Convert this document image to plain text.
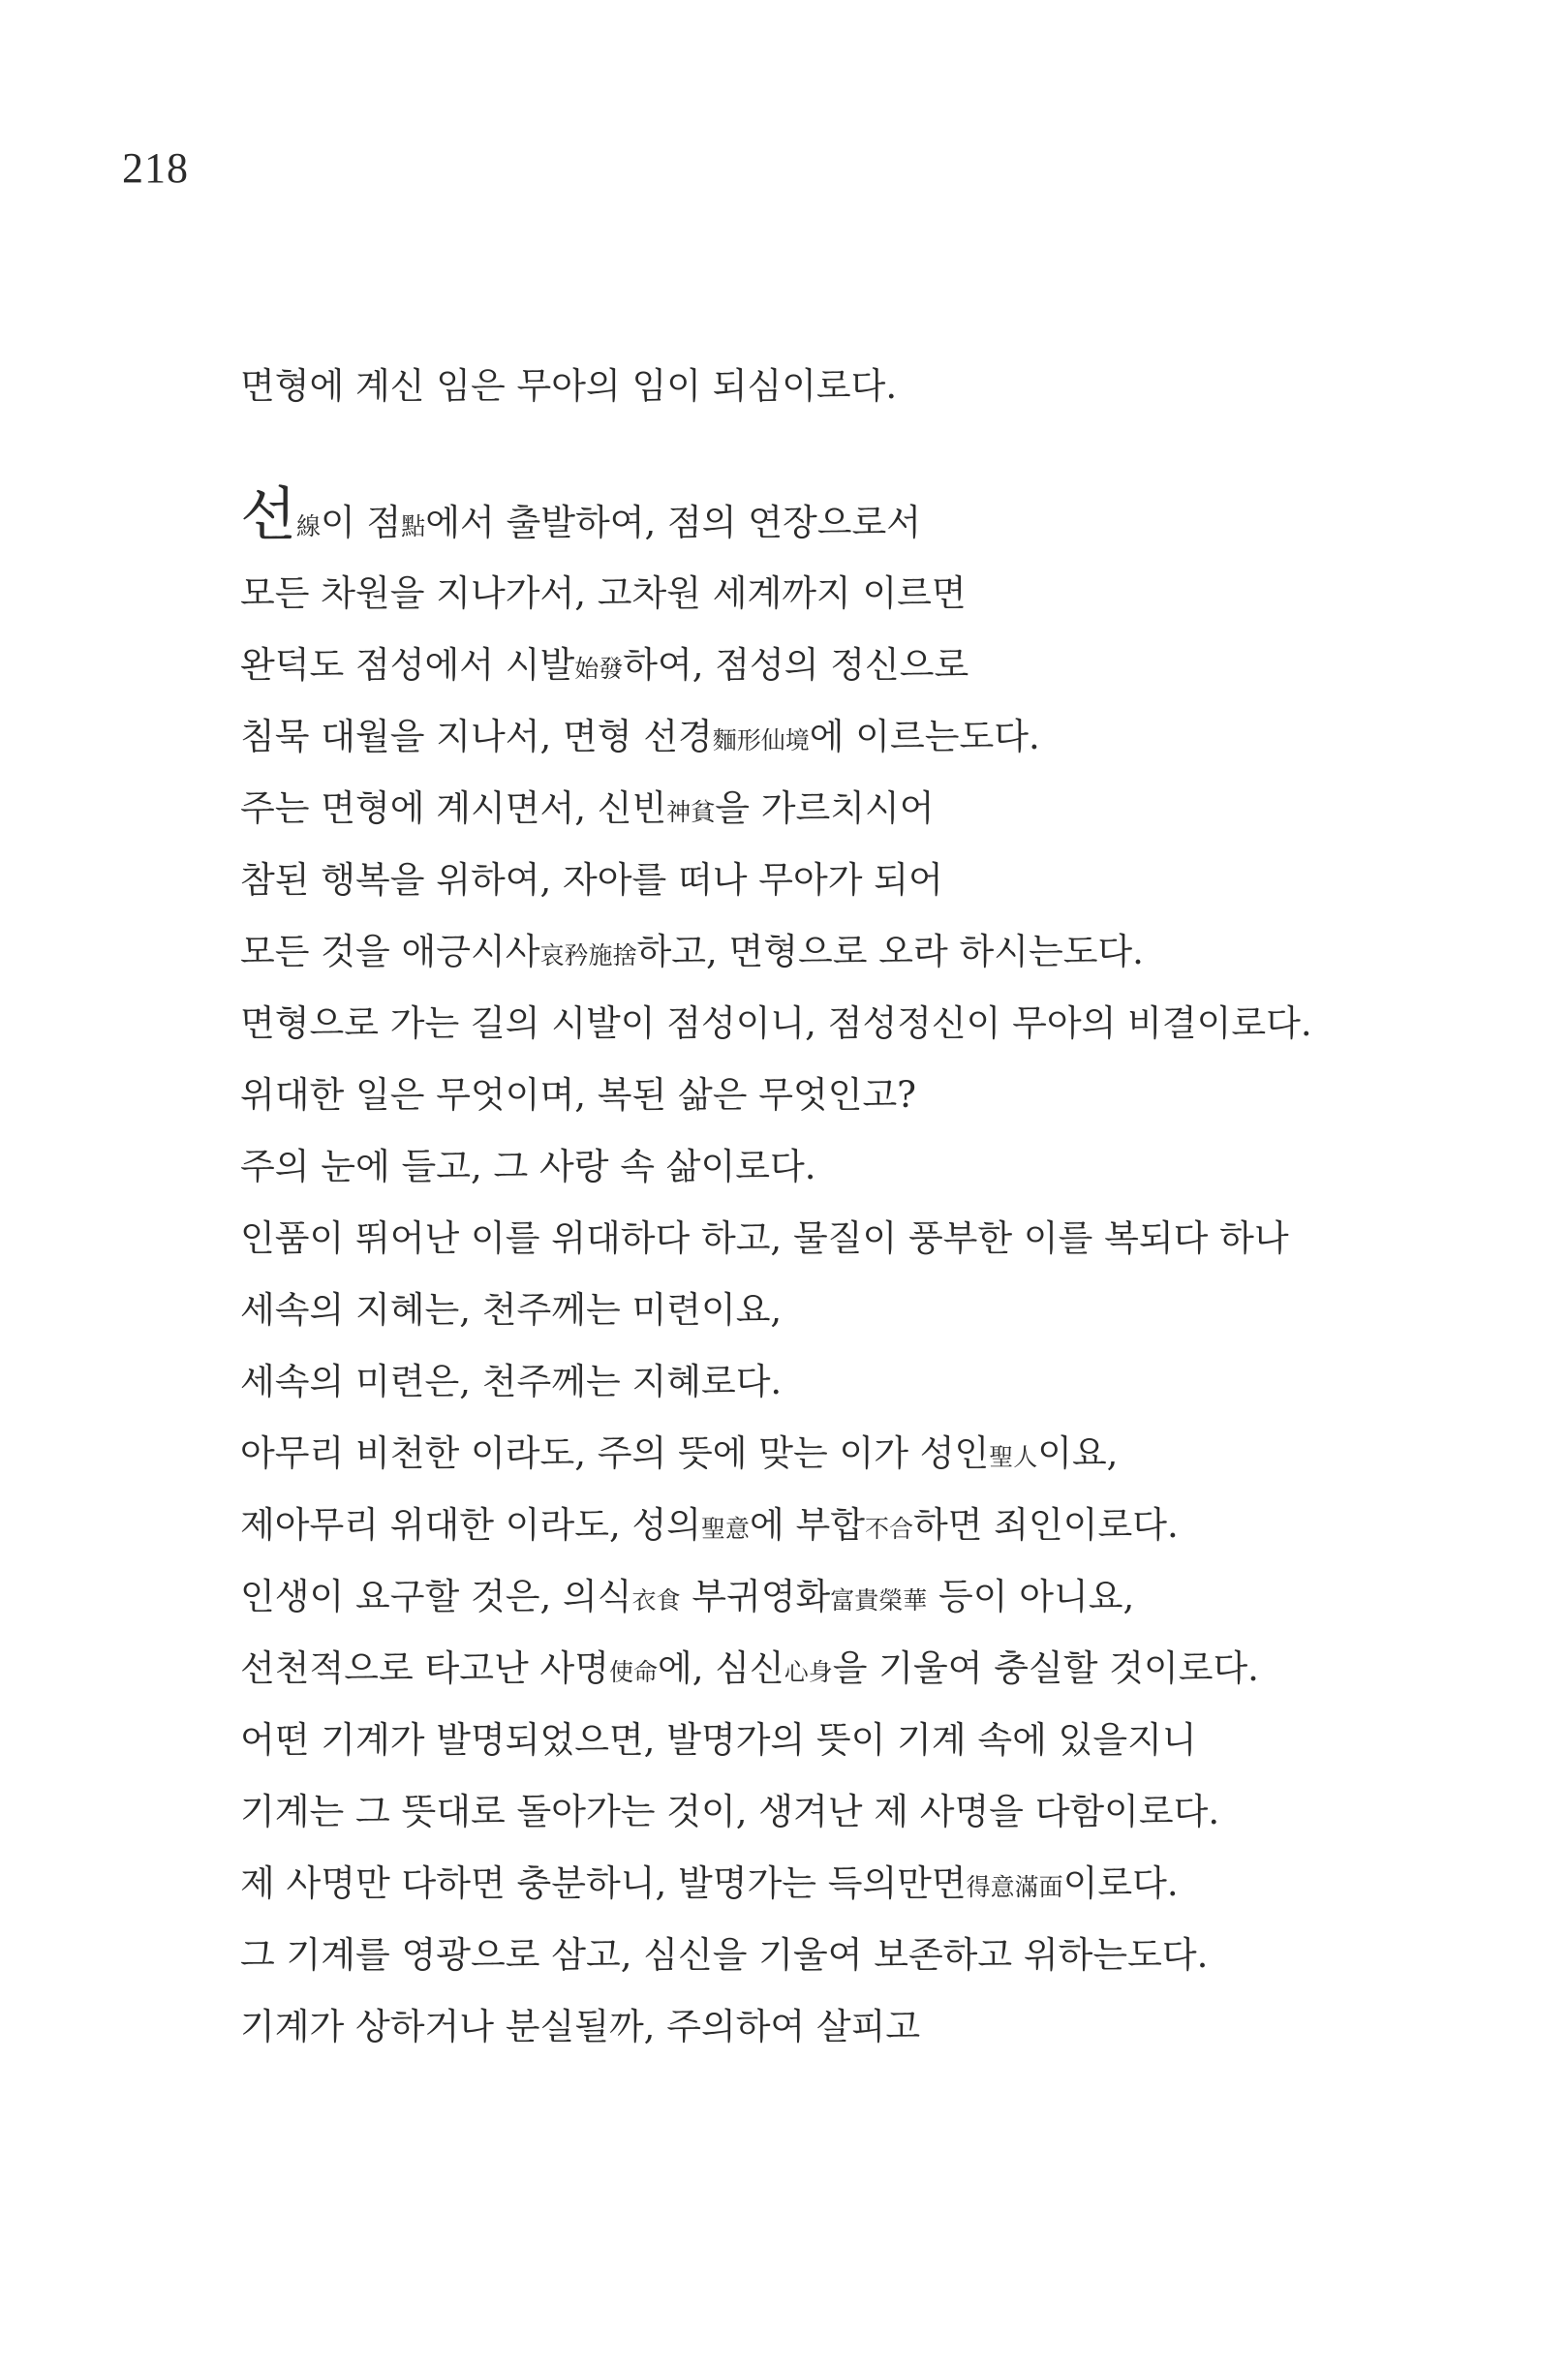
218
면형에 계신 임은 무아의 임이 되심이로다.
선線이 점點에서 출발하여, 점의 연장으로서
모든 차원을 지나가서, 고차원 세계까지 이르면
완덕도 점성에서 시발始發하여, 점성의 정신으로
침묵 대월을 지나서, 면형 선경麵形仙境에 이르는도다.
주는 면형에 계시면서, 신빈神貧을 가르치시어
참된 행복을 위하여, 자아를 떠나 무아가 되어
모든 것을 애긍시사哀矜施捨하고, 면형으로 오라 하시는도다.
면형으로 가는 길의 시발이 점성이니, 점성정신이 무아의 비결이로다.
위대한 일은 무엇이며, 복된 삶은 무엇인고?
주의 눈에 들고, 그 사랑 속 삶이로다.
인품이 뛰어난 이를 위대하다 하고, 물질이 풍부한 이를 복되다 하나
세속의 지혜는, 천주께는 미련이요,
세속의 미련은, 천주께는 지혜로다.
아무리 비천한 이라도, 주의 뜻에 맞는 이가 성인聖人이요,
제아무리 위대한 이라도, 성의聖意에 부합不合하면 죄인이로다.
인생이 요구할 것은, 의식衣食 부귀영화富貴榮華 등이 아니요,
선천적으로 타고난 사명使命에, 심신心身을 기울여 충실할 것이로다.
어떤 기계가 발명되었으면, 발명가의 뜻이 기계 속에 있을지니
기계는 그 뜻대로 돌아가는 것이, 생겨난 제 사명을 다함이로다.
제 사명만 다하면 충분하니, 발명가는 득의만면得意滿面이로다.
그 기계를 영광으로 삼고, 심신을 기울여 보존하고 위하는도다.
기계가 상하거나 분실될까, 주의하여 살피고
